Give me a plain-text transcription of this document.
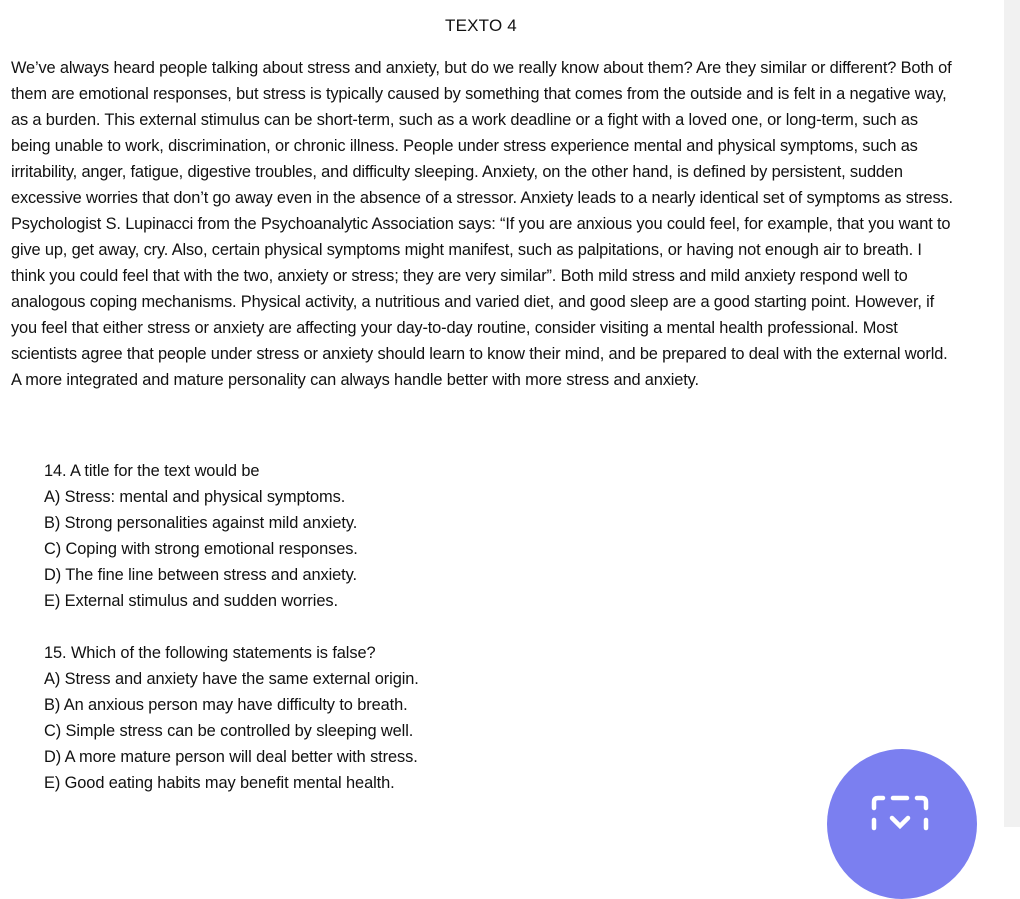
TEXTO 4

We’ve always heard people talking about stress and anxiety, but do we really know about them? Are they similar or different? Both of them are emotional responses, but stress is typically caused by something that comes from the outside and is felt in a negative way, as a burden. This external stimulus can be short-term, such as a work deadline or a fight with a loved one, or long-term, such as being unable to work, discrimination, or chronic illness. People under stress experience mental and physical symptoms, such as irritability, anger, fatigue, digestive troubles, and difficulty sleeping. Anxiety, on the other hand, is defined by persistent, sudden excessive worries that don’t go away even in the absence of a stressor. Anxiety leads to a nearly identical set of symptoms as stress. Psychologist S. Lupinacci from the Psychoanalytic Association says: “If you are anxious you could feel, for example, that you want to give up, get away, cry. Also, certain physical symptoms might manifest, such as palpitations, or having not enough air to breath. I think you could feel that with the two, anxiety or stress; they are very similar”. Both mild stress and mild anxiety respond well to analogous coping mechanisms. Physical activity, a nutritious and varied diet, and good sleep are a good starting point. However, if you feel that either stress or anxiety are affecting your day-to-day routine, consider visiting a mental health professional. Most scientists agree that people under stress or anxiety should learn to know their mind, and be prepared to deal with the external world. A more integrated and mature personality can always handle better with more stress and anxiety.

14. A title for the text would be
A) Stress: mental and physical symptoms.
B) Strong personalities against mild anxiety.
C) Coping with strong emotional responses.
D) The fine line between stress and anxiety.
E) External stimulus and sudden worries.
15. Which of the following statements is false?
A) Stress and anxiety have the same external origin.
B) An anxious person may have difficulty to breath.
C) Simple stress can be controlled by sleeping well.
D) A more mature person will deal better with stress.
E) Good eating habits may benefit mental health.
